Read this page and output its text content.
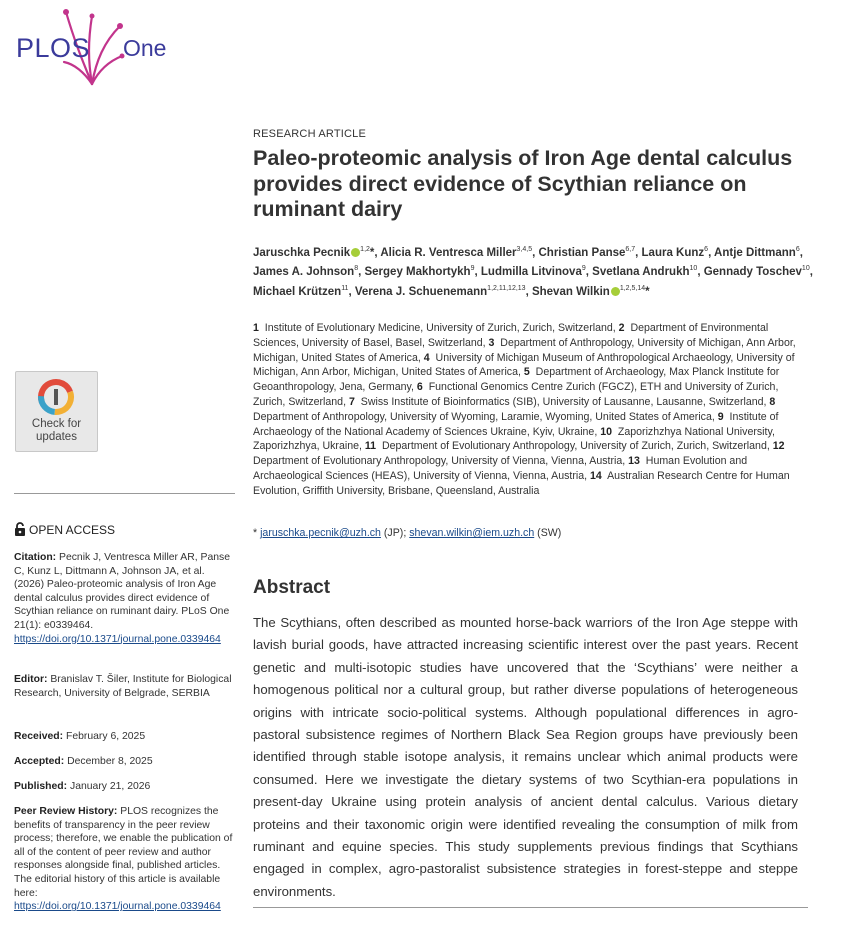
PLOS One
Check for
updates
OPEN ACCESS
Citation: Pecnik J, Ventresca Miller AR, Panse C, Kunz L, Dittmann A, Johnson JA, et al. (2026) Paleo-proteomic analysis of Iron Age dental calculus provides direct evidence of Scythian reliance on ruminant dairy. PLoS One 21(1): e0339464. https://doi.org/10.1371/journal.pone.0339464
Editor: Branislav T. Šiler, Institute for Biological Research, University of Belgrade, SERBIA
Received: February 6, 2025
Accepted: December 8, 2025
Published: January 21, 2026
Peer Review History: PLOS recognizes the benefits of transparency in the peer review process; therefore, we enable the publication of all of the content of peer review and author responses alongside final, published articles. The editorial history of this article is available here: https://doi.org/10.1371/journal.pone.0339464
RESEARCH ARTICLE
Paleo-proteomic analysis of Iron Age dental calculus provides direct evidence of Scythian reliance on ruminant dairy
Jaruschka Pecnik $^{1,2}$*, Alicia R. Ventresca Miller$^{3,4,5}$, Christian Panse$^{6,7}$, Laura Kunz$^6$, Antje Dittmann$^6$, James A. Johnson$^8$, Sergey Makhortykh$^9$, Ludmilla Litvinova$^9$, Svetlana Andrukh$^{10}$, Gennady Toschev$^{10}$, Michael Krützen$^{11}$, Verena J. Schuenemann$^{1,2,11,12,13}$, Shevan Wilkin $^{1,2,5,14}$*
1  Institute of Evolutionary Medicine, University of Zurich, Zurich, Switzerland, 2  Department of Environmental Sciences, University of Basel, Basel, Switzerland, 3  Department of Anthropology, University of Michigan, Ann Arbor, Michigan, United States of America, 4  University of Michigan Museum of Anthropological Archaeology, University of Michigan, Ann Arbor, Michigan, United States of America, 5  Department of Archaeology, Max Planck Institute for Geoanthropology, Jena, Germany, 6  Functional Genomics Centre Zurich (FGCZ), ETH and University of Zurich, Zurich, Switzerland, 7  Swiss Institute of Bioinformatics (SIB), University of Lausanne, Lausanne, Switzerland, 8  Department of Anthropology, University of Wyoming, Laramie, Wyoming, United States of America, 9  Institute of Archaeology of the National Academy of Sciences Ukraine, Kyiv, Ukraine, 10  Zaporizhzhya National University, Zaporizhzhya, Ukraine, 11  Department of Evolutionary Anthropology, University of Zurich, Zurich, Switzerland, 12  Department of Evolutionary Anthropology, University of Vienna, Vienna, Austria, 13  Human Evolution and Archaeological Sciences (HEAS), University of Vienna, Vienna, Austria, 14  Australian Research Centre for Human Evolution, Griffith University, Brisbane, Queensland, Australia
* jaruschka.pecnik@uzh.ch (JP); shevan.wilkin@iem.uzh.ch (SW)
Abstract
The Scythians, often described as mounted horse-back warriors of the Iron Age steppe with lavish burial goods, have attracted increasing scientific interest over the past years. Recent genetic and multi-isotopic studies have uncovered that the ‘Scythians’ were neither a homogenous political nor a cultural group, but rather diverse populations of heterogeneous origins with intricate socio-political systems. Although populational differences in agro-pastoral subsistence regimes of Northern Black Sea Region groups have previously been identified through stable isotope analysis, it remains unclear which animal products were consumed. Here we investigate the dietary systems of two Scythian-era populations in present-day Ukraine using protein analysis of ancient dental calculus. Various dietary proteins and their taxonomic origin were identified revealing the consumption of milk from ruminant and equine species. This study supplements previous findings that Scythians engaged in complex, agro-pastoralist subsistence strategies in forest-steppe and steppe environments.
